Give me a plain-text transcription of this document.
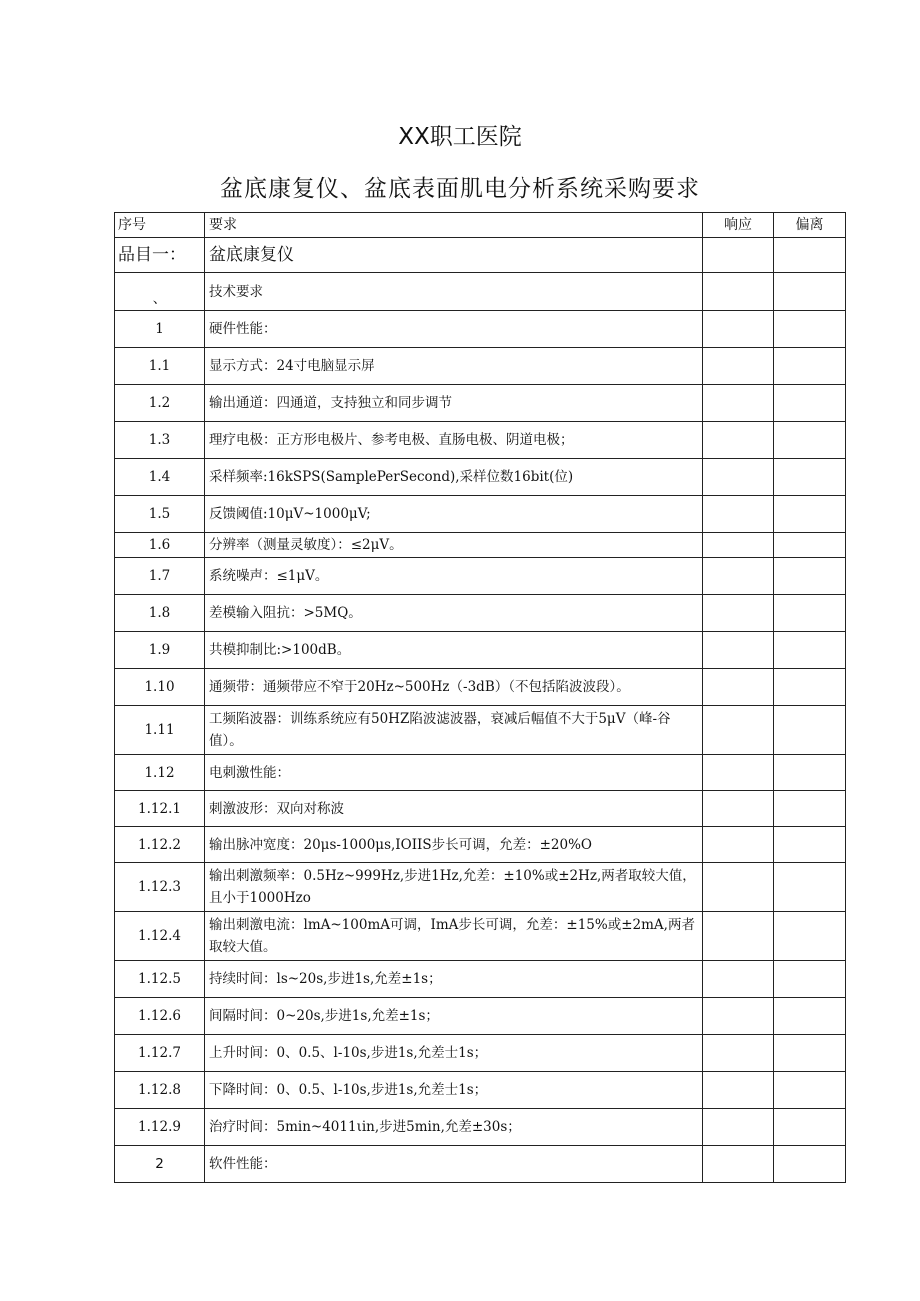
XX职工医院
盆底康复仪、盆底表面肌电分析系统采购要求
序号	要求	响应	偏离
品目一：	盆底康复仪		
、	技术要求		
1	硬件性能：		
1.1	显示方式：24寸电脑显示屏		
1.2	输出通道：四通道，支持独立和同步调节		
1.3	理疗电极：正方形电极片、参考电极、直肠电极、阴道电极；		
1.4	采样频率:16kSPS(SamplePerSecond),采样位数16bit(位)		
1.5	反馈阈值:10μV~1000μV;		
1.6	分辨率（测量灵敏度）：≤2μV。		
1.7	系统噪声：≤1μV。		
1.8	差模输入阻抗：>5MQ。		
1.9	共模抑制比:>100dB。		
1.10	通频带：通频带应不窄于20Hz~500Hz（-3dB）（不包括陷波波段）。		
1.11	工频陷波器：训练系统应有50HZ陷波滤波器，衰减后幅值不大于5μV（峰-谷值）。		
1.12	电刺激性能：		
1.12.1	刺激波形：双向对称波		
1.12.2	输出脉冲宽度：20μs-1000μs,IOIIS步长可调，允差：±20%O		
1.12.3	输出刺激频率：0.5Hz~999Hz,步进1Hz,允差：±10%或±2Hz,两者取较大值，且小于1000Hzo		
1.12.4	输出刺激电流：lmA~100mA可调，ImA步长可调，允差：±15%或±2mA,两者取较大值。		
1.12.5	持续时间：ls~20s,步进1s,允差±1s；		
1.12.6	间隔时间：0~20s,步进1s,允差±1s；		
1.12.7	上升时间：0、0.5、l-10s,步进1s,允差士1s；		
1.12.8	下降时间：0、0.5、l-10s,步进1s,允差士1s；		
1.12.9	治疗时间：5min~4011ιin,步进5min,允差±30s；		
2	软件性能：		
